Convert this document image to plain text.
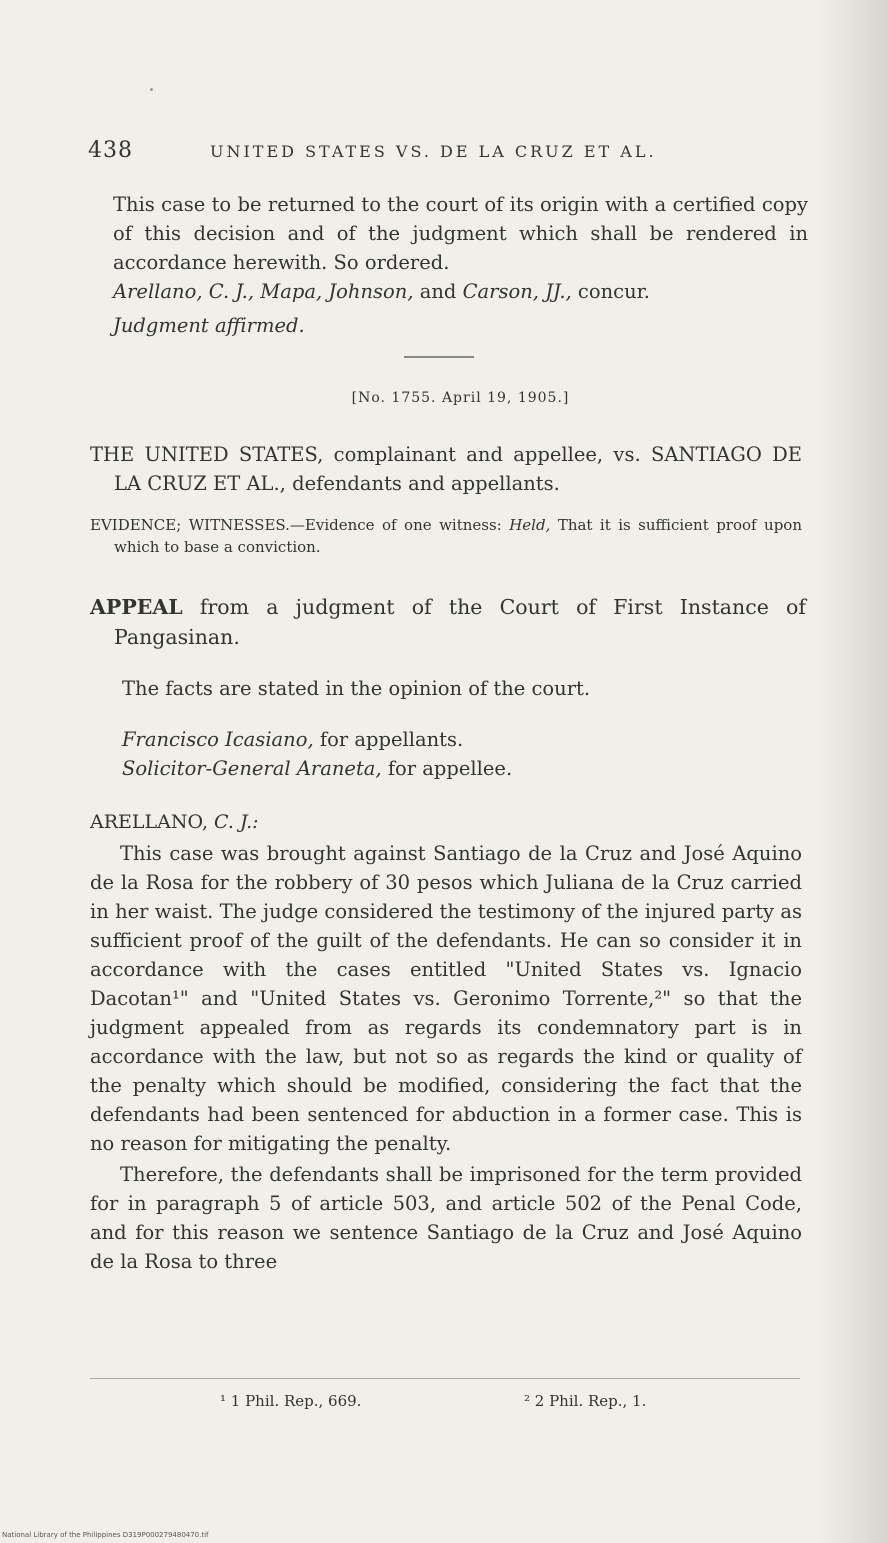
438	UNITED STATES VS. DE LA CRUZ ET AL.

This case to be returned to the court of its origin with a certified copy of this decision and of the judgment which shall be rendered in accordance herewith. So ordered.

Arellano, C. J., Mapa, Johnson, and Carson, JJ., concur.

Judgment affirmed.

[No. 1755. April 19, 1905.]

THE UNITED STATES, complainant and appellee, vs. SANTIAGO DE LA CRUZ ET AL., defendants and appellants.

EVIDENCE; WITNESSES.—Evidence of one witness: Held, That it is sufficient proof upon which to base a conviction.

APPEAL from a judgment of the Court of First Instance of Pangasinan.

The facts are stated in the opinion of the court.

Francisco Icasiano, for appellants.

Solicitor-General Araneta, for appellee.

ARELLANO, C. J.:

This case was brought against Santiago de la Cruz and José Aquino de la Rosa for the robbery of 30 pesos which Juliana de la Cruz carried in her waist. The judge considered the testimony of the injured party as sufficient proof of the guilt of the defendants. He can so consider it in accordance with the cases entitled "United States vs. Ignacio Dacotan¹" and "United States vs. Geronimo Torrente,²" so that the judgment appealed from as regards its condemnatory part is in accordance with the law, but not so as regards the kind or quality of the penalty which should be modified, considering the fact that the defendants had been sentenced for abduction in a former case. This is no reason for mitigating the penalty.

Therefore, the defendants shall be imprisoned for the term provided for in paragraph 5 of article 503, and article 502 of the Penal Code, and for this reason we sentence Santiago de la Cruz and José Aquino de la Rosa to three

¹ 1 Phil. Rep., 669.	² 2 Phil. Rep., 1.
National Library of the Philippines D319P000279480470.tif
